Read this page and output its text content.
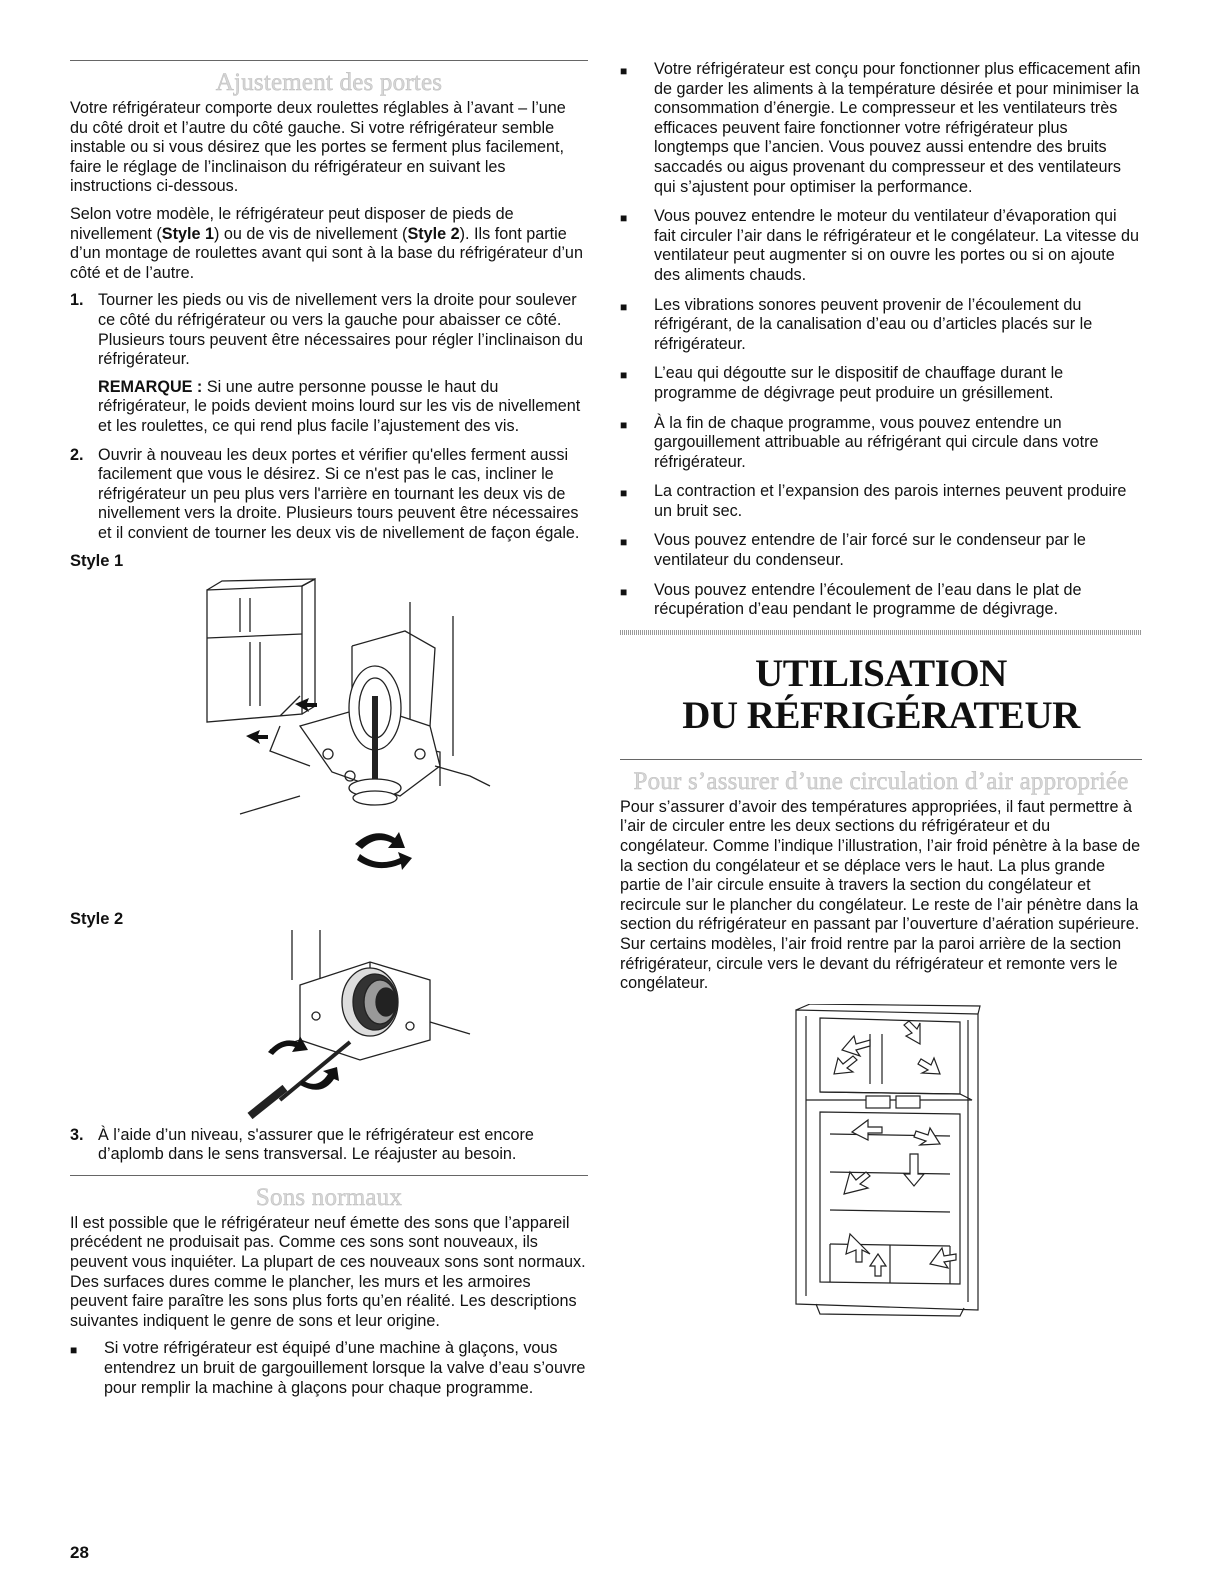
Ajustement des portes

Votre réfrigérateur comporte deux roulettes réglables à l’avant – l’une du côté droit et l’autre du côté gauche. Si votre réfrigérateur semble instable ou si vous désirez que les portes se ferment plus facilement, faire le réglage de l’inclinaison du réfrigérateur en suivant les instructions ci-dessous.

Selon votre modèle, le réfrigérateur peut disposer de pieds de nivellement (Style 1) ou de vis de nivellement (Style 2). Ils font partie d’un montage de roulettes avant qui sont à la base du réfrigérateur d’un côté et de l’autre.

1. Tourner les pieds ou vis de nivellement vers la droite pour soulever ce côté du réfrigérateur ou vers la gauche pour abaisser ce côté. Plusieurs tours peuvent être nécessaires pour régler l’inclinaison du réfrigérateur.
REMARQUE : Si une autre personne pousse le haut du réfrigérateur, le poids devient moins lourd sur les vis de nivellement et les roulettes, ce qui rend plus facile l’ajustement des vis.
2. Ouvrir à nouveau les deux portes et vérifier qu'elles ferment aussi facilement que vous le désirez. Si ce n'est pas le cas, incliner le réfrigérateur un peu plus vers l'arrière en tournant les deux vis de nivellement vers la droite. Plusieurs tours peuvent être nécessaires et il convient de tourner les deux vis de nivellement de façon égale.
Style 1
Style 2
3. À l’aide d’un niveau, s'assurer que le réfrigérateur est encore d’aplomb dans le sens transversal. Le réajuster au besoin.
Sons normaux

Il est possible que le réfrigérateur neuf émette des sons que l’appareil précédent ne produisait pas. Comme ces sons sont nouveaux, ils peuvent vous inquiéter. La plupart de ces nouveaux sons sont normaux. Des surfaces dures comme le plancher, les murs et les armoires peuvent faire paraître les sons plus forts qu’en réalité. Les descriptions suivantes indiquent le genre de sons et leur origine.

■	Si votre réfrigérateur est équipé d’une machine à glaçons, vous entendrez un bruit de gargouillement lorsque la valve d’eau s’ouvre pour remplir la machine à glaçons pour chaque programme.
■	Votre réfrigérateur est conçu pour fonctionner plus efficacement afin de garder les aliments à la température désirée et pour minimiser la consommation d’énergie. Le compresseur et les ventilateurs très efficaces peuvent faire fonctionner votre réfrigérateur plus longtemps que l’ancien. Vous pouvez aussi entendre des bruits saccadés ou aigus provenant du compresseur et des ventilateurs qui s’ajustent pour optimiser la performance.
■	Vous pouvez entendre le moteur du ventilateur d’évaporation qui fait circuler l’air dans le réfrigérateur et le congélateur. La vitesse du ventilateur peut augmenter si on ouvre les portes ou si on ajoute des aliments chauds.
■	Les vibrations sonores peuvent provenir de l’écoulement du réfrigérant, de la canalisation d’eau ou d’articles placés sur le réfrigérateur.
■	L’eau qui dégoutte sur le dispositif de chauffage durant le programme de dégivrage peut produire un grésillement.
■	À la fin de chaque programme, vous pouvez entendre un gargouillement attribuable au réfrigérant qui circule dans votre réfrigérateur.
■	La contraction et l’expansion des parois internes peuvent produire un bruit sec.
■	Vous pouvez entendre de l’air forcé sur le condenseur par le ventilateur du condenseur.
■	Vous pouvez entendre l’écoulement de l’eau dans le plat de récupération d’eau pendant le programme de dégivrage.
UTILISATION
DU RÉFRIGÉRATEUR
Pour s’assurer d’une circulation d’air appropriée

Pour s’assurer d’avoir des températures appropriées, il faut permettre à l’air de circuler entre les deux sections du réfrigérateur et du congélateur. Comme l’indique l’illustration, l’air froid pénètre à la base de la section du congélateur et se déplace vers le haut. La plus grande partie de l’air circule ensuite à travers la section du congélateur et recircule sur le plancher du congélateur. Le reste de l’air pénètre dans la section du réfrigérateur en passant par l’ouverture d’aération supérieure. Sur certains modèles, l’air froid rentre par la paroi arrière de la section réfrigérateur, circule vers le devant du réfrigérateur et remonte vers le congélateur.

28
